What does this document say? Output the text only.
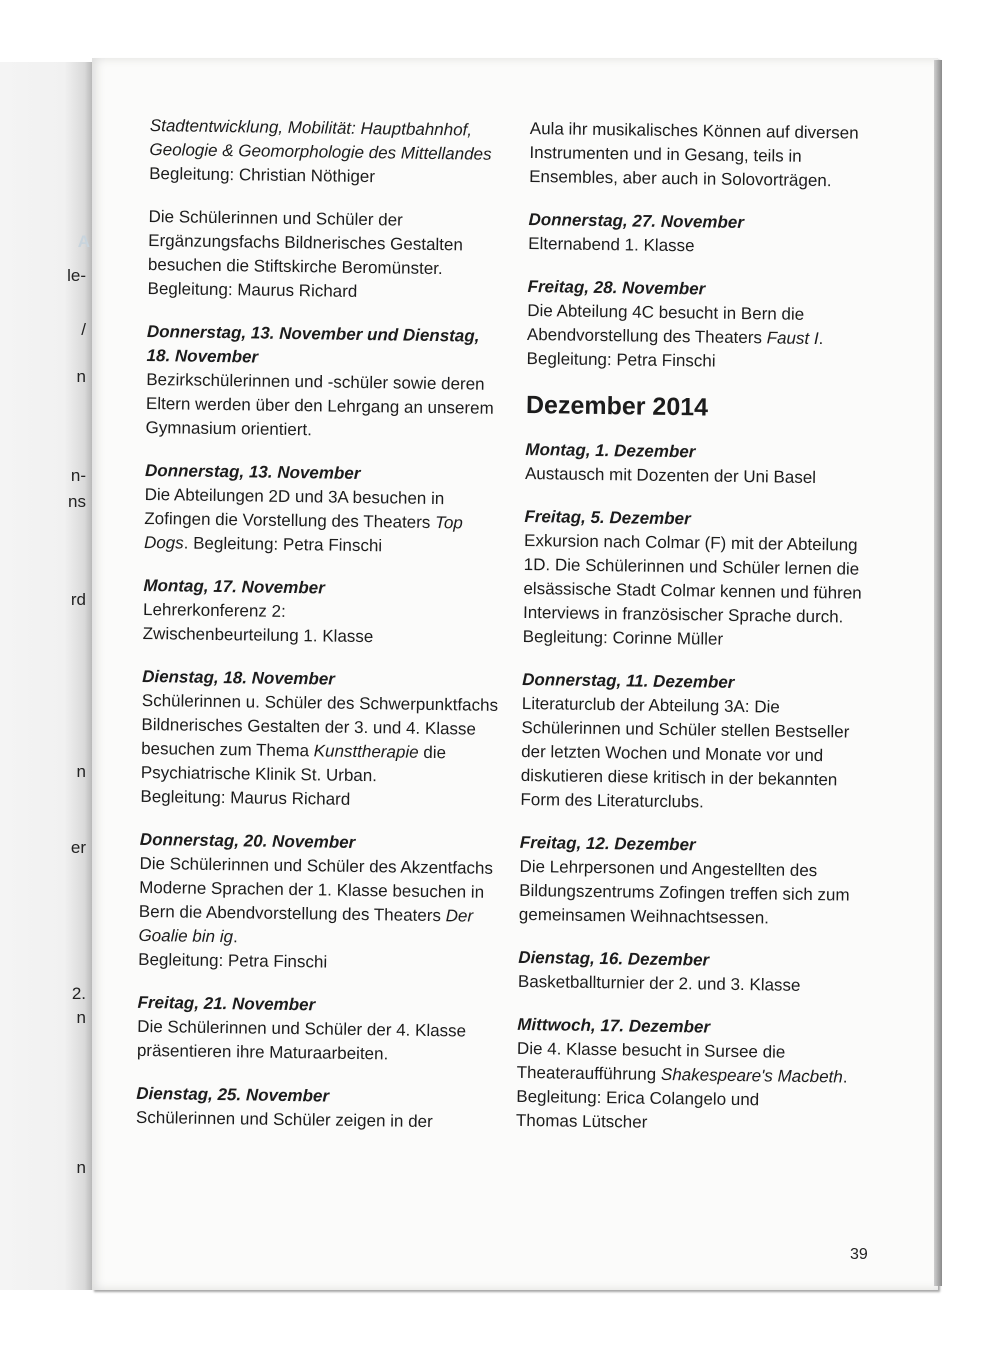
A
le-
/
n
n-
ns
rd
n
er
2.
n
n
Stadtentwicklung, Mobilität: Hauptbahnhof, Geologie & Geomorphologie des Mittellandes
Begleitung: Christian Nöthiger
Die Schülerinnen und Schüler der Ergänzungsfachs Bildnerisches Gestalten besuchen die Stiftskirche Beromünster.
Begleitung: Maurus Richard
Donnerstag, 13. November und Dienstag, 18. November
Bezirkschülerinnen und -schüler sowie deren Eltern werden über den Lehrgang an unserem Gymnasium orientiert.
Donnerstag, 13. November
Die Abteilungen 2D und 3A besuchen in Zofingen die Vorstellung des Theaters Top Dogs. Begleitung: Petra Finschi
Montag, 17. November
Lehrerkonferenz 2:
Zwischenbeurteilung 1. Klasse
Dienstag, 18. November
Schülerinnen u. Schüler des Schwerpunktfachs Bildnerisches Gestalten der 3. und 4. Klasse besuchen zum Thema Kunsttherapie die Psychiatrische Klinik St. Urban.
Begleitung: Maurus Richard
Donnerstag, 20. November
Die Schülerinnen und Schüler des Akzentfachs Moderne Sprachen der 1. Klasse besuchen in Bern die Abendvorstellung des Theaters Der Goalie bin ig.
Begleitung: Petra Finschi
Freitag, 21. November
Die Schülerinnen und Schüler der 4. Klasse präsentieren ihre Maturaarbeiten.
Dienstag, 25. November
Schülerinnen und Schüler zeigen in der
Aula ihr musikalisches Können auf diversen Instrumenten und in Gesang, teils in Ensembles, aber auch in Solovorträgen.
Donnerstag, 27. November
Elternabend 1. Klasse
Freitag, 28. November
Die Abteilung 4C besucht in Bern die Abendvorstellung des Theaters Faust I.
Begleitung: Petra Finschi
Dezember 2014
Montag, 1. Dezember
Austausch mit Dozenten der Uni Basel
Freitag, 5. Dezember
Exkursion nach Colmar (F) mit der Abteilung 1D. Die Schülerinnen und Schüler lernen die elsässische Stadt Colmar kennen und führen Interviews in französischer Sprache durch.
Begleitung: Corinne Müller
Donnerstag, 11. Dezember
Literaturclub der Abteilung 3A: Die Schülerinnen und Schüler stellen Bestseller der letzten Wochen und Monate vor und diskutieren diese kritisch in der bekannten Form des Literaturclubs.
Freitag, 12. Dezember
Die Lehrpersonen und Angestellten des Bildungszentrums Zofingen treffen sich zum gemeinsamen Weihnachtsessen.
Dienstag, 16. Dezember
Basketballturnier der 2. und 3. Klasse
Mittwoch, 17. Dezember
Die 4. Klasse besucht in Sursee die Theateraufführung Shakespeare's Macbeth.
Begleitung: Erica Colangelo und
Thomas Lütscher
39
